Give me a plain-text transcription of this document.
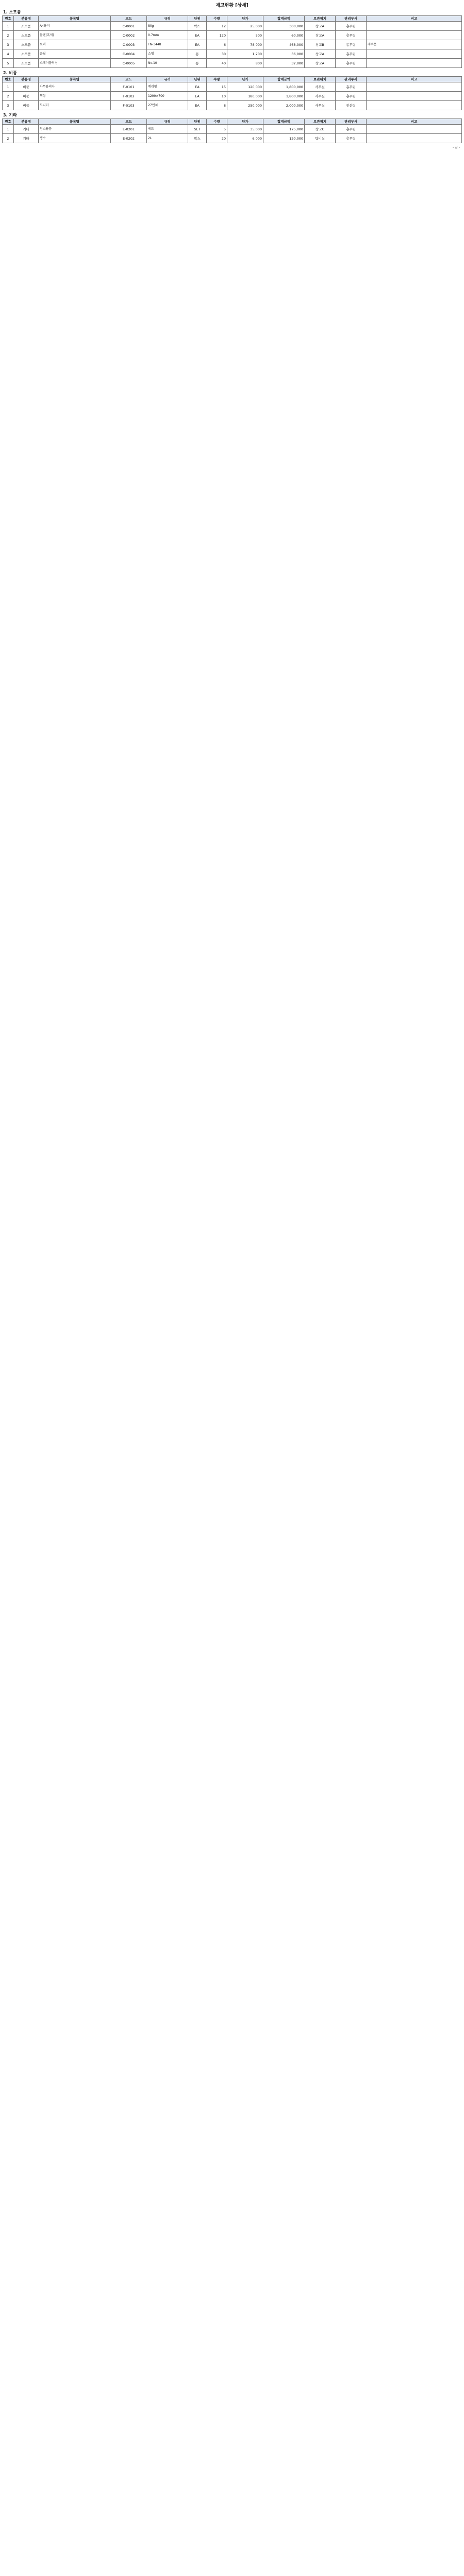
재고현황 [상세]
1. 소모품
번호	분류명	품목명	코드	규격	단위	수량	단가	합계금액	보관위치	관리부서	비고
1	소모품	A4용지	C-0001	80g	박스	12	25,000	300,000	창고A	총무팀	
2	소모품	볼펜(흑색)	C-0002	0.7mm	EA	120	500	60,000	창고A	총무팀	
3	소모품	토너	C-0003	TN-3448	EA	6	78,000	468,000	창고B	총무팀	재주문
4	소모품	클립	C-0004	소형	통	30	1,200	36,000	창고A	총무팀	
5	소모품	스테이플러심	C-0005	No.10	통	40	800	32,000	창고A	총무팀	
2. 비품
번호	분류명	품목명	코드	규격	단위	수량	단가	합계금액	보관위치	관리부서	비고
1	비품	사무용의자	F-0101	메쉬형	EA	15	120,000	1,800,000	사무실	총무팀	
2	비품	책상	F-0102	1200×700	EA	10	180,000	1,800,000	사무실	총무팀	
3	비품	모니터	F-0103	27인치	EA	8	250,000	2,000,000	사무실	전산팀	
3. 기타
번호	분류명	품목명	코드	규격	단위	수량	단가	합계금액	보관위치	관리부서	비고
1	기타	청소용품	E-0201	세트	SET	5	35,000	175,000	창고C	총무팀	
2	기타	생수	E-0202	2L	박스	20	6,000	120,000	탕비실	총무팀	
- 끝 -
